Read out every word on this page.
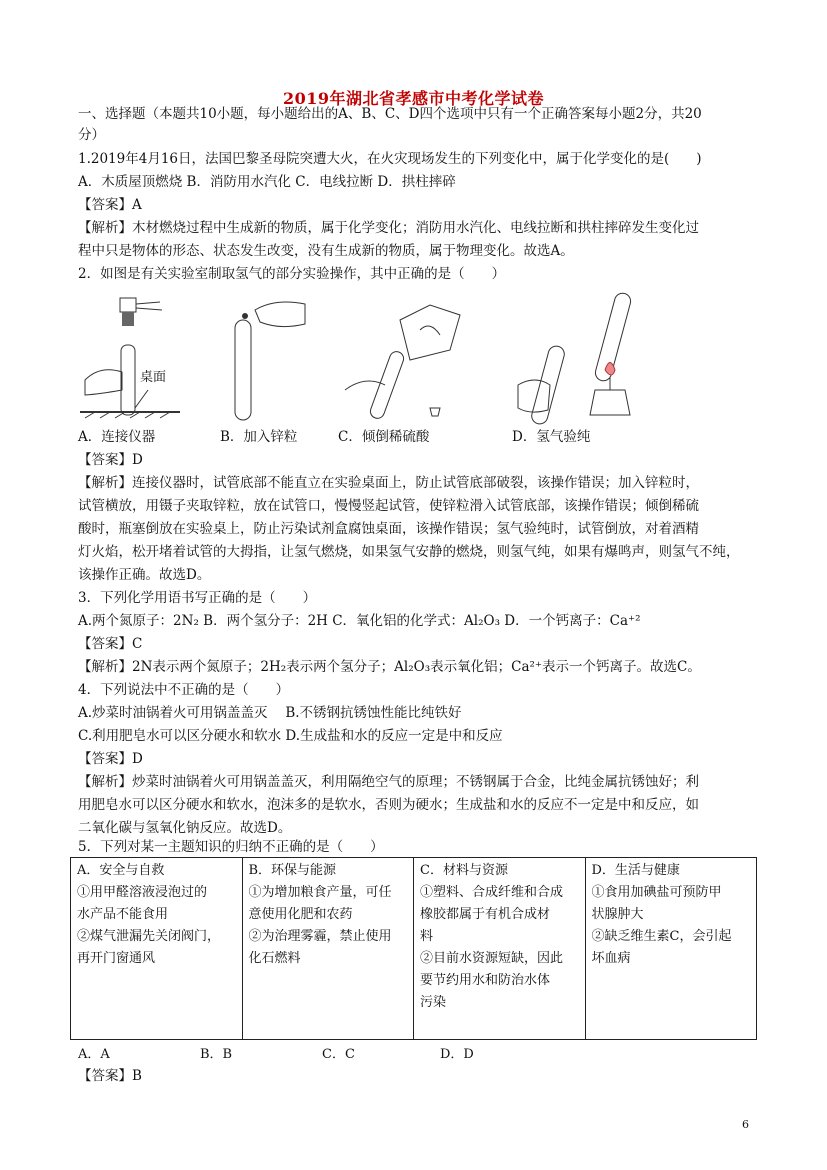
2019年湖北省孝感市中考化学试卷
一、选择题（本题共10小题，每小题给出的A、B、C、D四个选项中只有一个正确答案每小题2分，共20
分）
1.2019年4月16日，法国巴黎圣母院突遭大火，在火灾现场发生的下列变化中，属于化学变化的是(　　)
A．木质屋顶燃烧 B．消防用水汽化 C．电线拉断 D．拱柱摔碎
【答案】A
【解析】木材燃烧过程中生成新的物质，属于化学变化；消防用水汽化、电线拉断和拱柱摔碎发生变化过
程中只是物体的形态、状态发生改变，没有生成新的物质，属于物理变化。故选A。
2．如图是有关实验室制取氢气的部分实验操作，其中正确的是（　　）
桌面
A．连接仪器	B．加入锌粒	C．倾倒稀硫酸	D．氢气验纯
【答案】D
【解析】连接仪器时，试管底部不能直立在实验桌面上，防止试管底部破裂，该操作错误；加入锌粒时，
试管横放，用镊子夹取锌粒，放在试管口，慢慢竖起试管，使锌粒滑入试管底部，该操作错误；倾倒稀硫
酸时，瓶塞倒放在实验桌上，防止污染试剂盒腐蚀桌面，该操作错误；氢气验纯时，试管倒放，对着酒精
灯火焰，松开堵着试管的大拇指，让氢气燃烧，如果氢气安静的燃烧，则氢气纯，如果有爆鸣声，则氢气不纯，
该操作正确。故选D。
3．下列化学用语书写正确的是（　　）
A.两个氮原子：2N₂ B．两个氢分子：2H C．氧化铝的化学式：Al₂O₃ D．一个钙离子：Ca⁺²
【答案】C
【解析】2N表示两个氮原子；2H₂表示两个氢分子；Al₂O₃表示氧化铝；Ca²⁺表示一个钙离子。故选C。
4．下列说法中不正确的是（　　）
A.炒菜时油锅着火可用锅盖盖灭　 B.不锈钢抗锈蚀性能比纯铁好
C.利用肥皂水可以区分硬水和软水 D.生成盐和水的反应一定是中和反应
【答案】D
【解析】炒菜时油锅着火可用锅盖盖灭，利用隔绝空气的原理；不锈钢属于合金，比纯金属抗锈蚀好；利
用肥皂水可以区分硬水和软水，泡沫多的是软水，否则为硬水；生成盐和水的反应不一定是中和反应，如
二氧化碳与氢氧化钠反应。故选D。
5．下列对某一主题知识的归纳不正确的是（　　）
A．安全与自救
①用甲醛溶液浸泡过的
水产品不能食用
②煤气泄漏先关闭阀门，
再开门窗通风

B．环保与能源
①为增加粮食产量，可任
意使用化肥和农药
②为治理雾霾，禁止使用
化石燃料

C．材料与资源
①塑料、合成纤维和合成
橡胶都属于有机合成材
料
②目前水资源短缺，因此
要节约用水和防治水体
污染

D．生活与健康
①食用加碘盐可预防甲
状腺肿大
②缺乏维生素C，会引起
坏血病
A．A	B．B	C．C	D．D
【答案】B
6
